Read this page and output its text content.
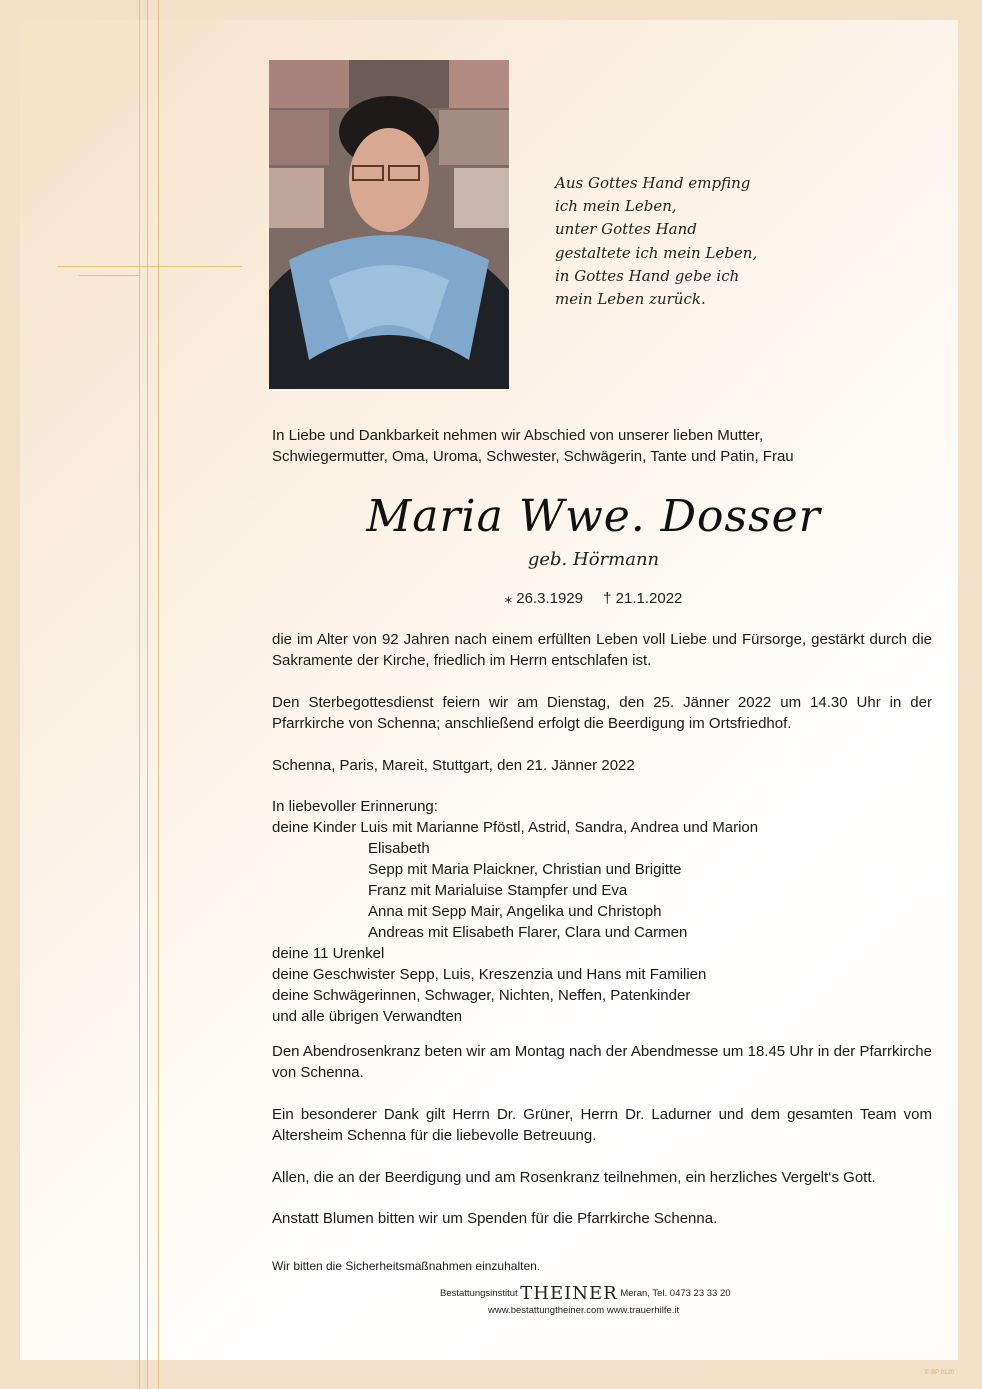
Aus Gottes Hand empfing
ich mein Leben,
unter Gottes Hand
gestaltete ich mein Leben,
in Gottes Hand gebe ich
mein Leben zurück.
In Liebe und Dankbarkeit nehmen wir Abschied von unserer lieben Mutter,
Schwiegermutter, Oma, Uroma, Schwester, Schwägerin, Tante und Patin, Frau
Maria Wwe. Dosser
geb. Hörmann
⁎ 26.3.1929 † 21.1.2022

die im Alter von 92 Jahren nach einem erfüllten Leben voll Liebe und Fürsorge, gestärkt durch die Sakramente der Kirche, friedlich im Herrn entschlafen ist.

Den Sterbegottesdienst feiern wir am Dienstag, den 25. Jänner 2022 um 14.30 Uhr in der Pfarrkirche von Schenna; anschließend erfolgt die Beerdigung im Ortsfriedhof.

Schenna, Paris, Mareit, Stuttgart, den 21. Jänner 2022

In liebevoller Erinnerung:
deine Kinder Luis mit Marianne Pföstl, Astrid, Sandra, Andrea und Marion
Elisabeth
Sepp mit Maria Plaickner, Christian und Brigitte
Franz mit Marialuise Stampfer und Eva
Anna mit Sepp Mair, Angelika und Christoph
Andreas mit Elisabeth Flarer, Clara und Carmen
deine 11 Urenkel
deine Geschwister Sepp, Luis, Kreszenzia und Hans mit Familien
deine Schwägerinnen, Schwager, Nichten, Neffen, Patenkinder
und alle übrigen Verwandten

Den Abendrosenkranz beten wir am Montag nach der Abendmesse um 18.45 Uhr in der Pfarrkirche von Schenna.

Ein besonderer Dank gilt Herrn Dr. Grüner, Herrn Dr. Ladurner und dem gesamten Team vom Altersheim Schenna für die liebevolle Betreuung.

Allen, die an der Beerdigung und am Rosenkranz teilnehmen, ein herzliches Vergelt‘s Gott.

Anstatt Blumen bitten wir um Spenden für die Pfarrkirche Schenna.

Wir bitten die Sicherheitsmaßnahmen einzuhalten.

Bestattungsinstitut THEINER Meran, Tel. 0473 23 33 20
www.bestattungtheiner.com www.trauerhilfe.it
© BP 0120
